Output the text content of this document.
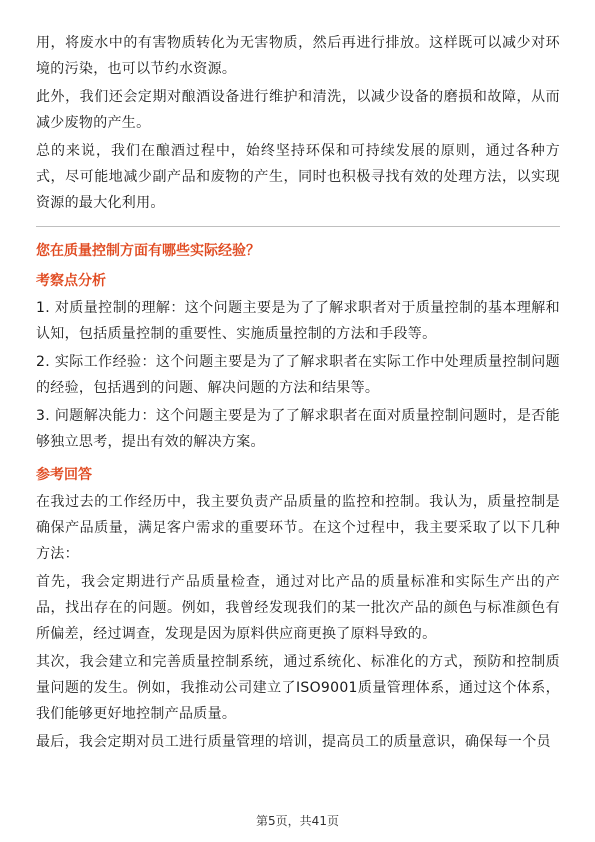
用，将废水中的有害物质转化为无害物质，然后再进行排放。这样既可以减少对环境的污染，也可以节约水资源。

此外，我们还会定期对酿酒设备进行维护和清洗，以减少设备的磨损和故障，从而减少废物的产生。

总的来说，我们在酿酒过程中，始终坚持环保和可持续发展的原则，通过各种方式，尽可能地减少副产品和废物的产生，同时也积极寻找有效的处理方法，以实现资源的最大化利用。

您在质量控制方面有哪些实际经验？
考察点分析

1. 对质量控制的理解：这个问题主要是为了了解求职者对于质量控制的基本理解和认知，包括质量控制的重要性、实施质量控制的方法和手段等。

2. 实际工作经验：这个问题主要是为了了解求职者在实际工作中处理质量控制问题的经验，包括遇到的问题、解决问题的方法和结果等。

3. 问题解决能力：这个问题主要是为了了解求职者在面对质量控制问题时，是否能够独立思考，提出有效的解决方案。

参考回答

在我过去的工作经历中，我主要负责产品质量的监控和控制。我认为，质量控制是确保产品质量，满足客户需求的重要环节。在这个过程中，我主要采取了以下几种方法：

首先，我会定期进行产品质量检查，通过对比产品的质量标准和实际生产出的产品，找出存在的问题。例如，我曾经发现我们的某一批次产品的颜色与标准颜色有所偏差，经过调查，发现是因为原料供应商更换了原料导致的。

其次，我会建立和完善质量控制系统，通过系统化、标准化的方式，预防和控制质量问题的发生。例如，我推动公司建立了ISO9001质量管理体系，通过这个体系，我们能够更好地控制产品质量。

最后，我会定期对员工进行质量管理的培训，提高员工的质量意识，确保每一个员

第5页，共41页
